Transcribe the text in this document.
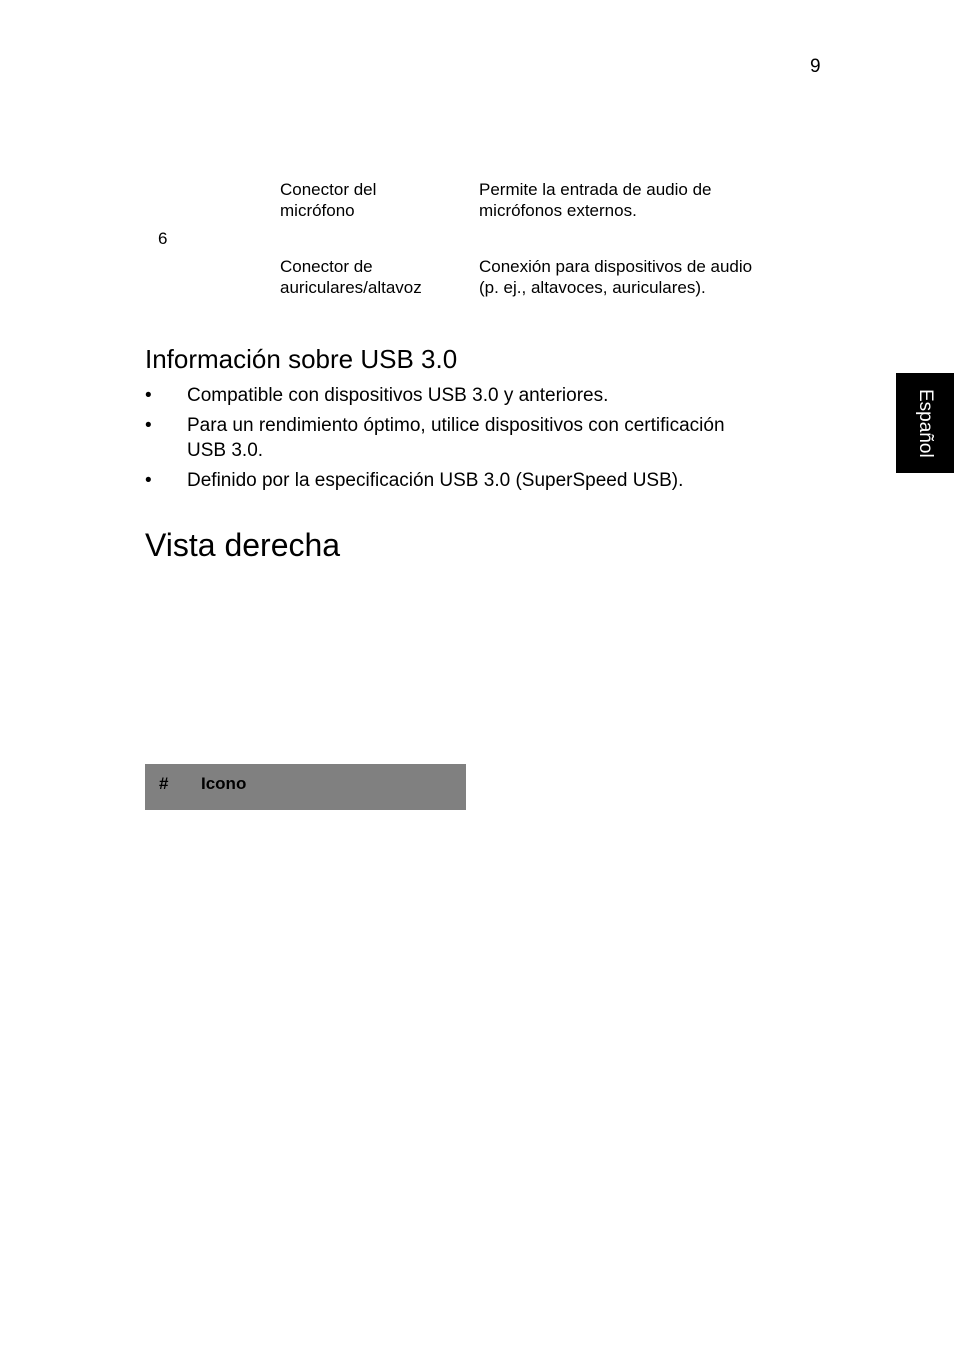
9
6
Conector del
micrófono
Permite la entrada de audio de
micrófonos externos.
Conector de
auriculares/altavoz
Conexión para dispositivos de audio
(p. ej., altavoces, auriculares).
Español
Información sobre USB 3.0
• Compatible con dispositivos USB 3.0 y anteriores.
• Para un rendimiento óptimo, utilice dispositivos con certificación
USB 3.0.
• Definido por la especificación USB 3.0 (SuperSpeed USB).
Vista derecha
# Icono
